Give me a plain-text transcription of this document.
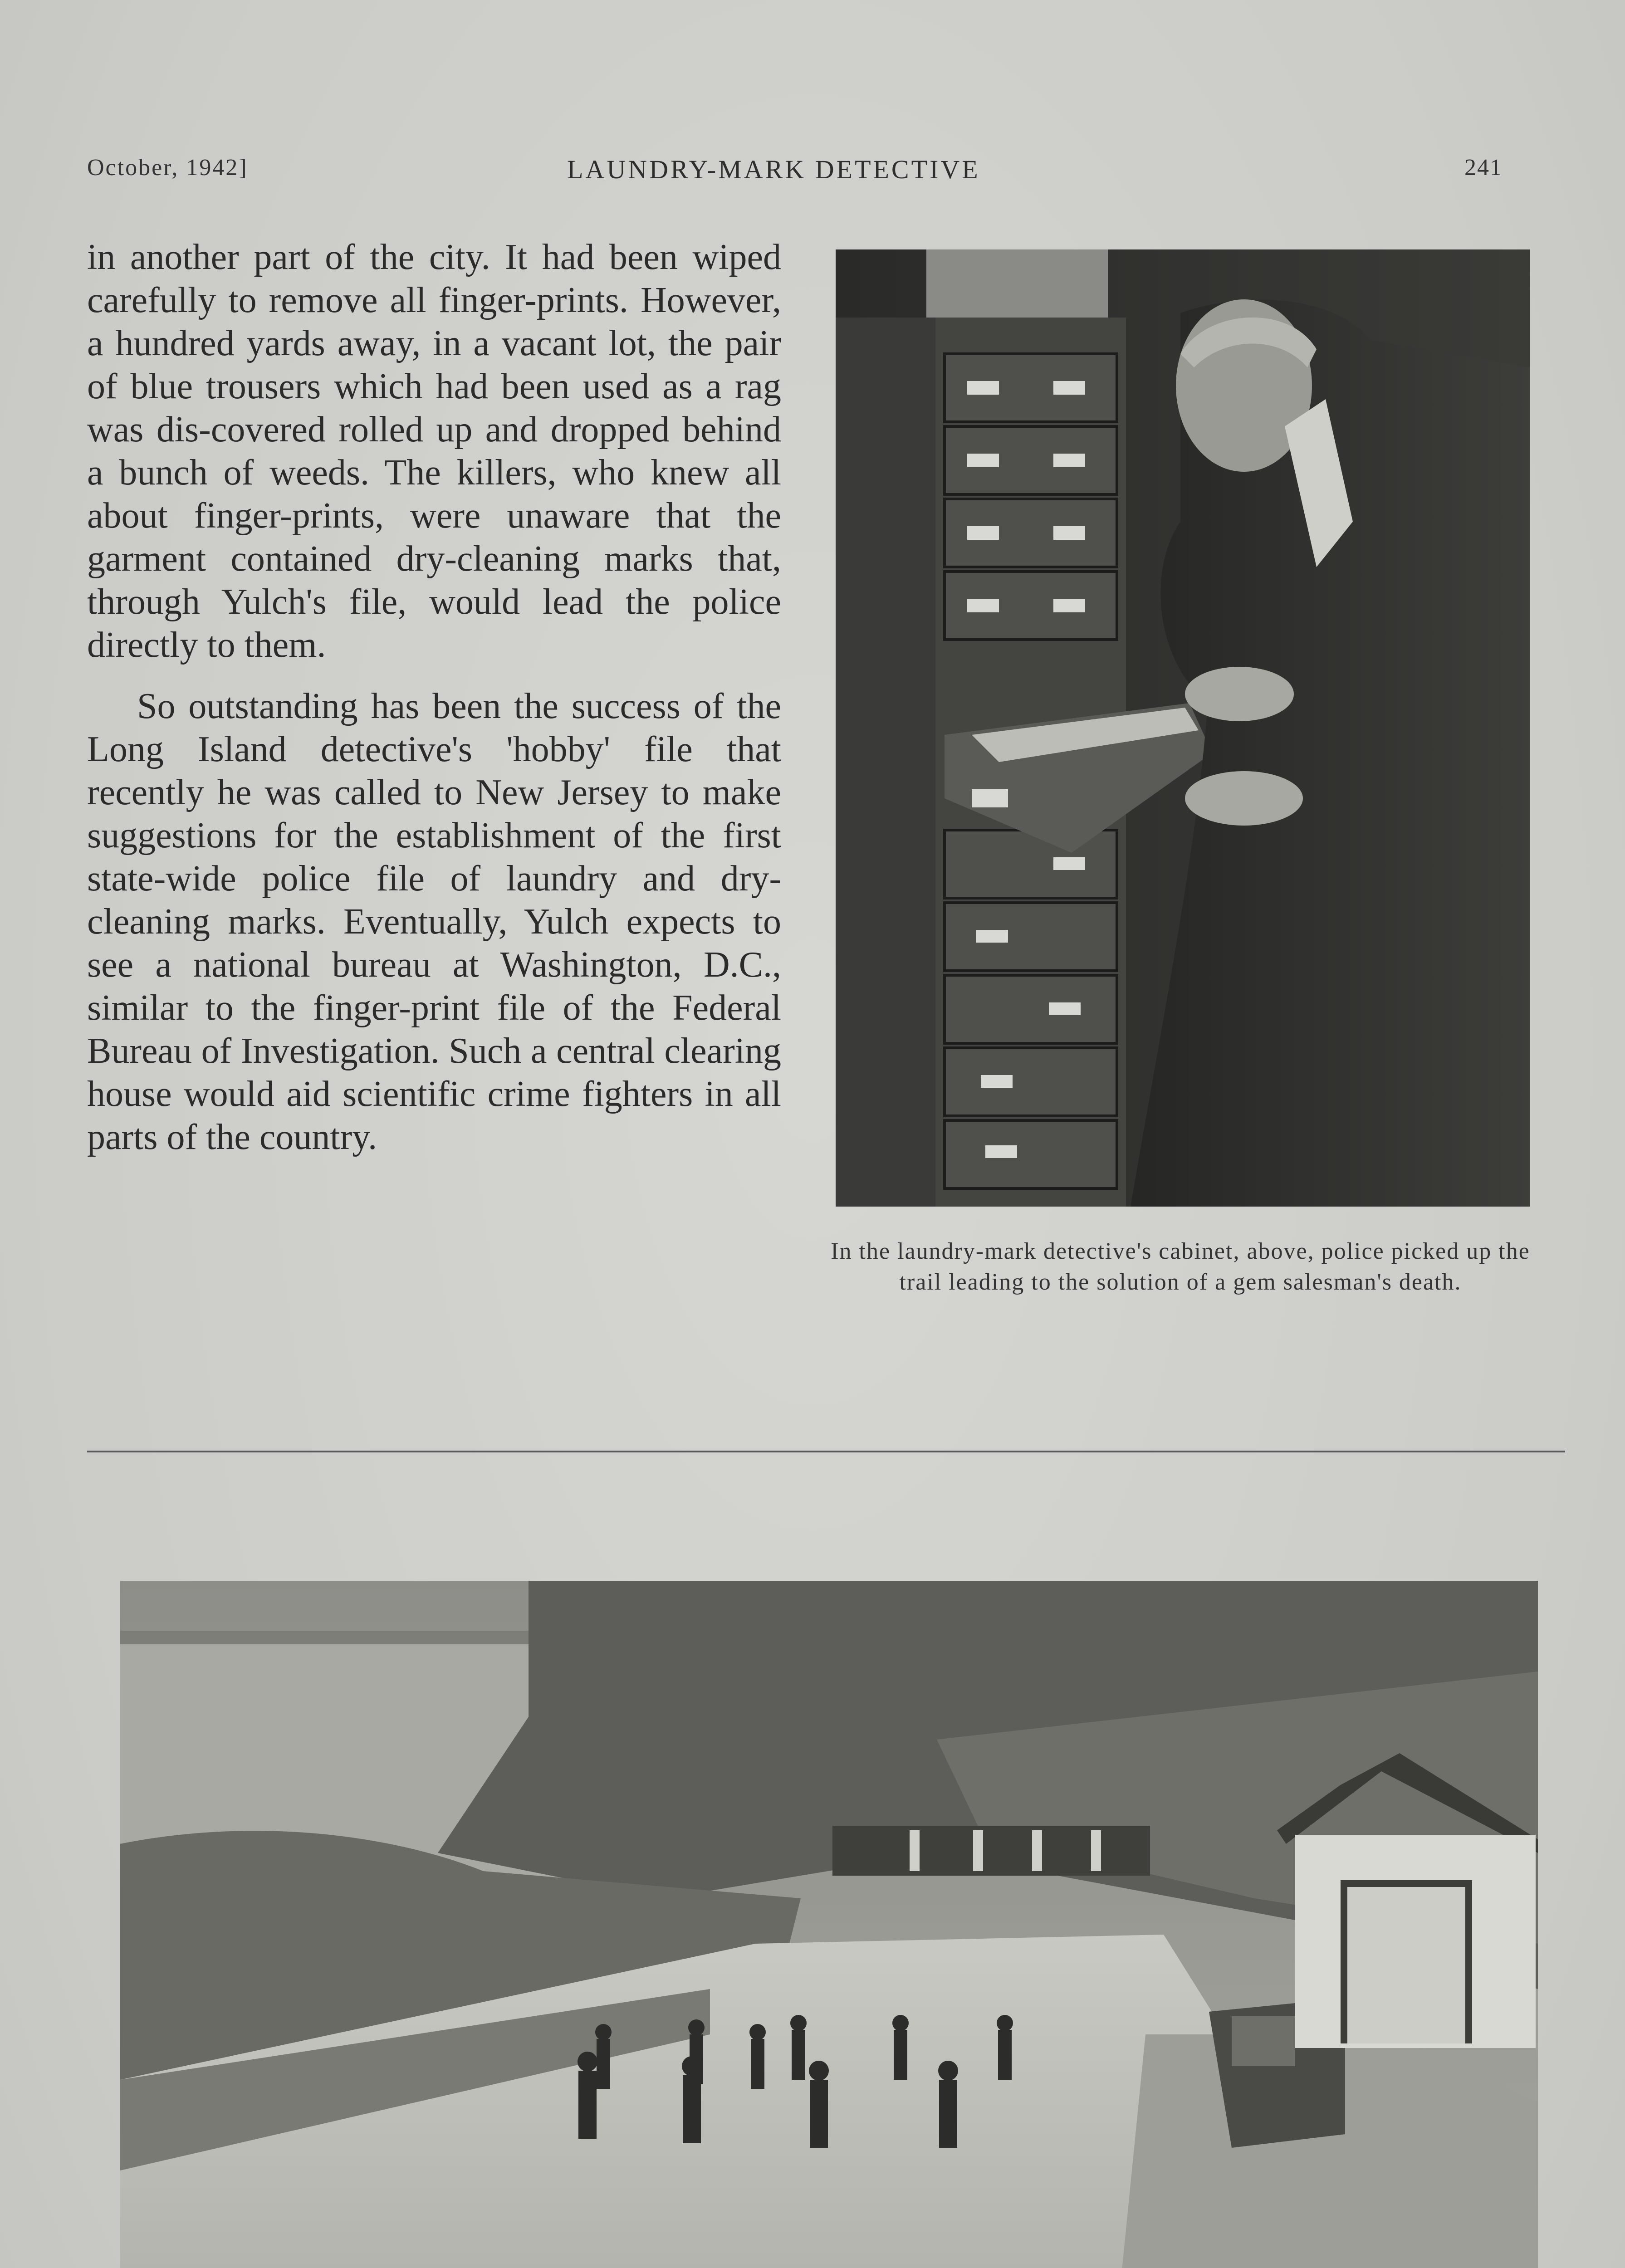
October, 1942]	LAUNDRY-MARK DETECTIVE	241

in another part of the city. It had been wiped carefully to remove all finger-prints. However, a hundred yards away, in a vacant lot, the pair of blue trousers which had been used as a rag was dis-covered rolled up and dropped behind a bunch of weeds. The killers, who knew all about finger-prints, were unaware that the garment contained dry-cleaning marks that, through Yulch's file, would lead the police directly to them.

So outstanding has been the success of the Long Island detective's 'hobby' file that recently he was called to New Jersey to make suggestions for the establishment of the first state-wide police file of laundry and dry-cleaning marks. Eventually, Yulch expects to see a national bureau at Washington, D.C., similar to the finger-print file of the Federal Bureau of Investigation. Such a central clearing house would aid scientific crime fighters in all parts of the country.

In the laundry-mark detective's cabinet, above, police picked up the trail leading to the solution of a gem salesman's death.
